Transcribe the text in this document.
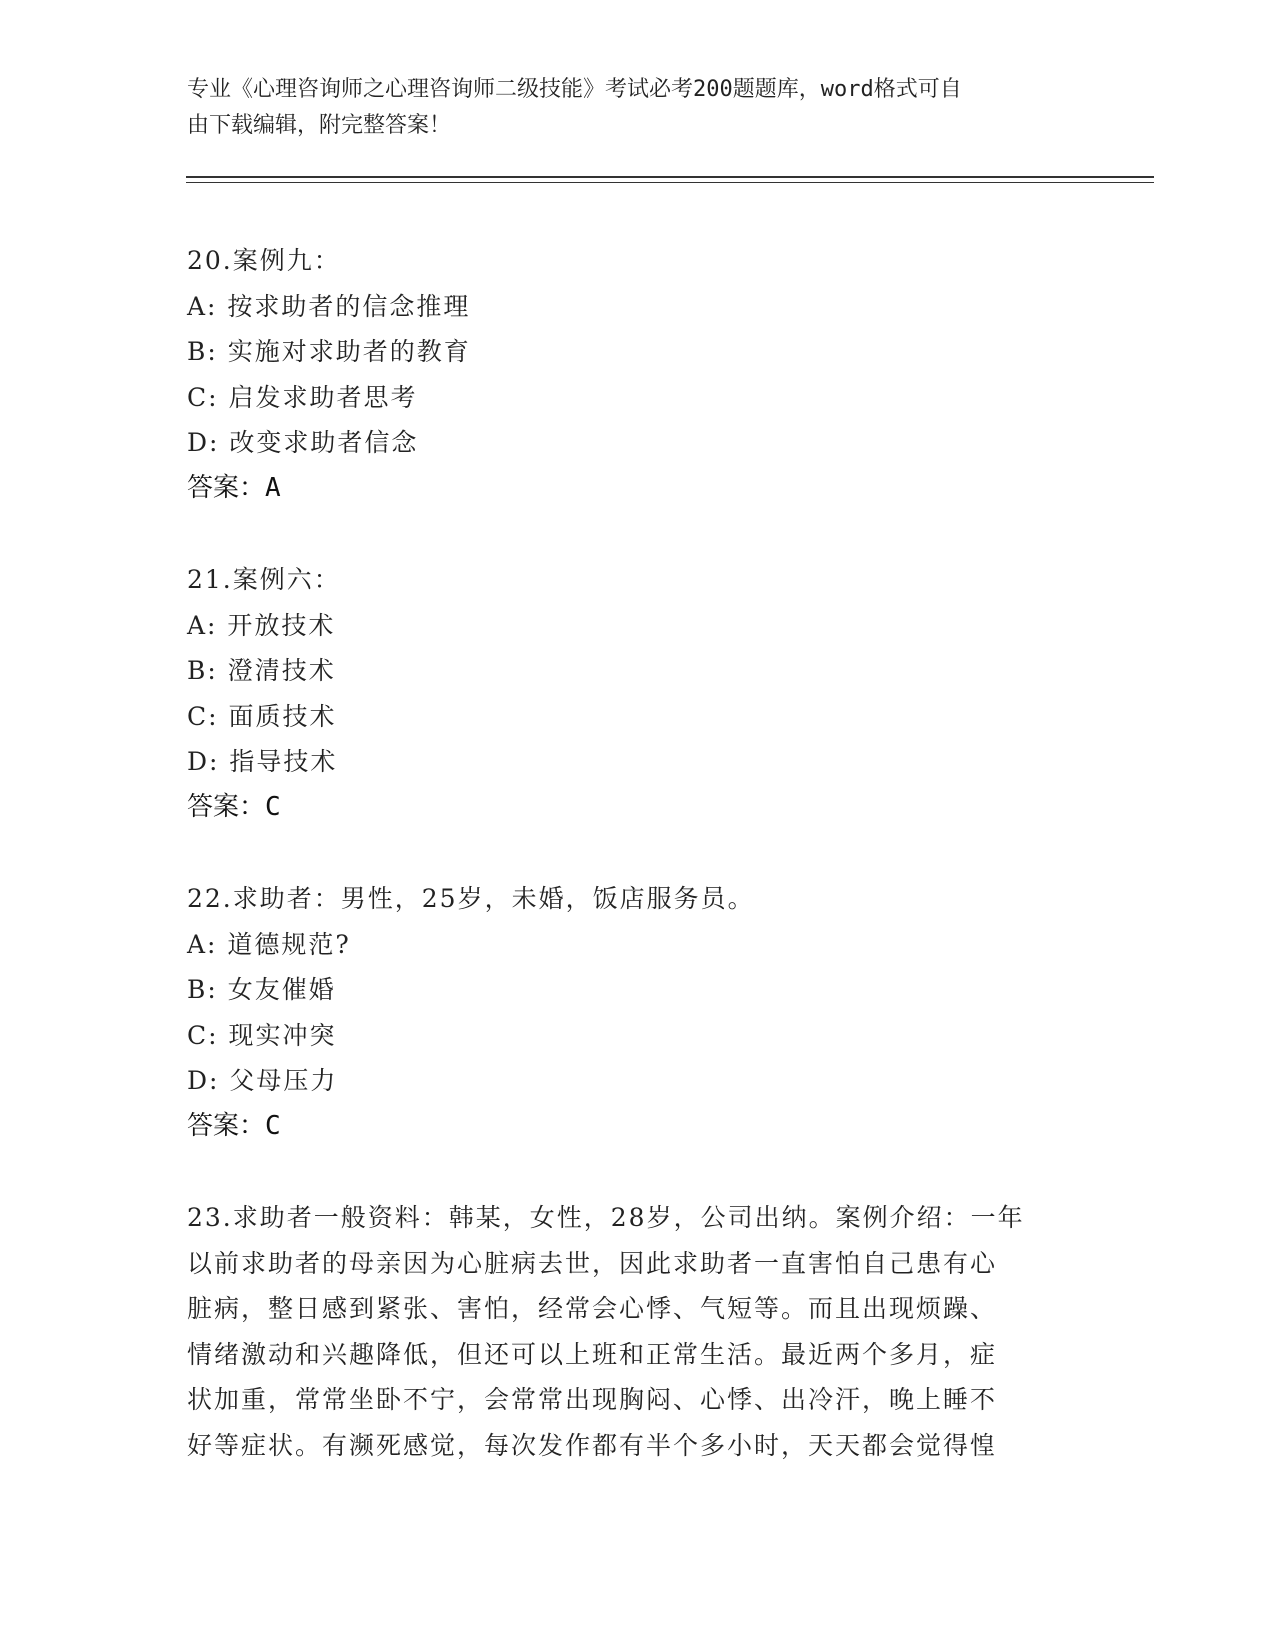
专业《心理咨询师之心理咨询师二级技能》考试必考200题题库，word格式可自
由下载编辑，附完整答案！
20.案例九：
A: 按求助者的信念推理
B: 实施对求助者的教育
C: 启发求助者思考
D: 改变求助者信念
答案：A
21.案例六：
A: 开放技术
B: 澄清技术
C: 面质技术
D: 指导技术
答案：C
22.求助者：男性，25岁，未婚，饭店服务员。
A: 道德规范?
B: 女友催婚
C: 现实冲突
D: 父母压力
答案：C
23.求助者一般资料：韩某，女性，28岁，公司出纳。案例介绍：一年
以前求助者的母亲因为心脏病去世，因此求助者一直害怕自己患有心
脏病，整日感到紧张、害怕，经常会心悸、气短等。而且出现烦躁、
情绪激动和兴趣降低，但还可以上班和正常生活。最近两个多月，症
状加重，常常坐卧不宁，会常常出现胸闷、心悸、出冷汗，晚上睡不
好等症状。有濒死感觉，每次发作都有半个多小时，天天都会觉得惶
